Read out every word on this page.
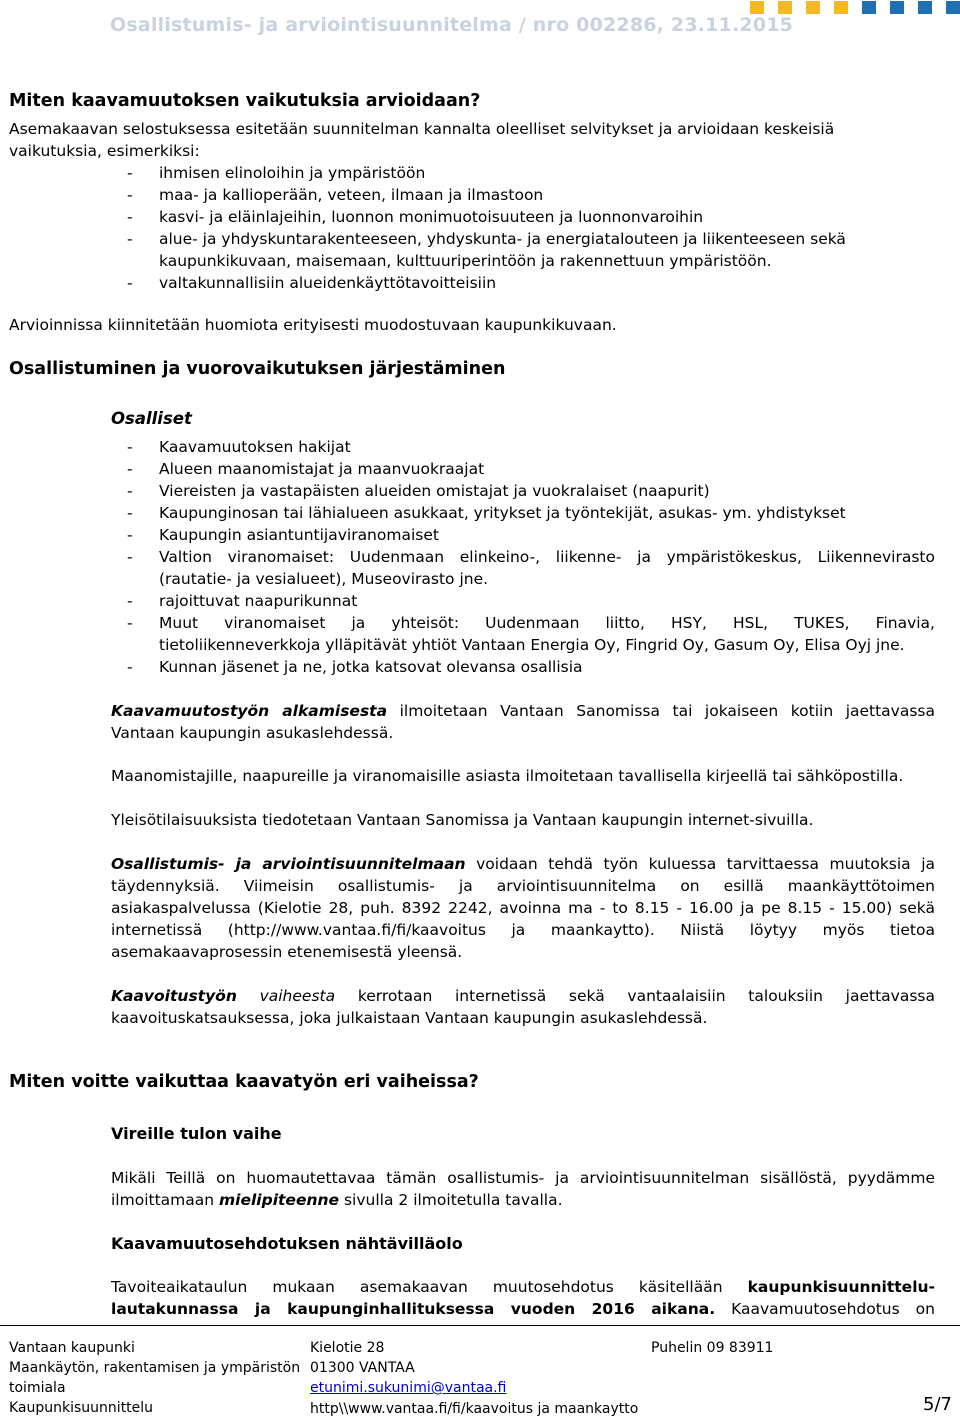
Osallistumis- ja arviointisuunnitelma / nro 002286, 23.11.2015
Miten kaavamuutoksen vaikutuksia arvioidaan?
Asemakaavan selostuksessa esitetään suunnitelman kannalta oleelliset selvitykset ja arvioidaan keskeisiä
vaikutuksia, esimerkiksi:
- ihmisen elinoloihin ja ympäristöön
- maa- ja kallioperään, veteen, ilmaan ja ilmastoon
- kasvi- ja eläinlajeihin, luonnon monimuotoisuuteen ja luonnonvaroihin
- alue- ja yhdyskuntarakenteeseen, yhdyskunta- ja energiatalouteen ja liikenteeseen sekä
kaupunkikuvaan, maisemaan, kulttuuriperintöön ja rakennettuun ympäristöön.
- valtakunnallisiin alueidenkäyttötavoitteisiin
Arvioinnissa kiinnitetään huomiota erityisesti muodostuvaan kaupunkikuvaan.
Osallistuminen ja vuorovaikutuksen järjestäminen
Osalliset
- Kaavamuutoksen hakijat
- Alueen maanomistajat ja maanvuokraajat
- Viereisten ja vastapäisten alueiden omistajat ja vuokralaiset (naapurit)
- Kaupunginosan tai lähialueen asukkaat, yritykset ja työntekijät, asukas- ym. yhdistykset
- Kaupungin asiantuntijaviranomaiset
- Valtion viranomaiset: Uudenmaan elinkeino-, liikenne- ja ympäristökeskus, Liikennevirasto
(rautatie- ja vesialueet), Museovirasto jne.
- rajoittuvat naapurikunnat
- Muut viranomaiset ja yhteisöt: Uudenmaan liitto, HSY, HSL, TUKES, Finavia,
tietoliikenneverkkoja ylläpitävät yhtiöt Vantaan Energia Oy, Fingrid Oy, Gasum Oy, Elisa Oyj jne.
- Kunnan jäsenet ja ne, jotka katsovat olevansa osallisia
Kaavamuutostyön alkamisesta ilmoitetaan Vantaan Sanomissa tai jokaiseen kotiin jaettavassa
Vantaan kaupungin asukaslehdessä.
Maanomistajille, naapureille ja viranomaisille asiasta ilmoitetaan tavallisella kirjeellä tai sähköpostilla.
Yleisötilaisuuksista tiedotetaan Vantaan Sanomissa ja Vantaan kaupungin internet-sivuilla.
Osallistumis- ja arviointisuunnitelmaan voidaan tehdä työn kuluessa tarvittaessa muutoksia ja
täydennyksiä. Viimeisin osallistumis- ja arviointisuunnitelma on esillä maankäyttötoimen
asiakaspalvelussa (Kielotie 28, puh. 8392 2242, avoinna ma - to 8.15 - 16.00 ja pe 8.15 - 15.00) sekä
internetissä (http://www.vantaa.fi/fi/kaavoitus ja maankaytto). Niistä löytyy myös tietoa
asemakaavaprosessin etenemisestä yleensä.
Kaavoitustyön vaiheesta kerrotaan internetissä sekä vantaalaisiin talouksiin jaettavassa
kaavoituskatsauksessa, joka julkaistaan Vantaan kaupungin asukaslehdessä.
Miten voitte vaikuttaa kaavatyön eri vaiheissa?
Vireille tulon vaihe
Mikäli Teillä on huomautettavaa tämän osallistumis- ja arviointisuunnitelman sisällöstä, pyydämme
ilmoittamaan mielipiteenne sivulla 2 ilmoitetulla tavalla.
Kaavamuutosehdotuksen nähtävilläolo
Tavoiteaikataulun mukaan asemakaavan muutosehdotus käsitellään kaupunkisuunnittelu-
lautakunnassa ja kaupunginhallituksessa vuoden 2016 aikana. Kaavamuutosehdotus on
Vantaan kaupunki
Maankäytön, rakentamisen ja ympäristön
toimiala
Kaupunkisuunnittelu
Kielotie 28
01300 VANTAA
etunimi.sukunimi@vantaa.fi
http\\www.vantaa.fi/fi/kaavoitus ja maankaytto
Puhelin 09 83911
5/7
